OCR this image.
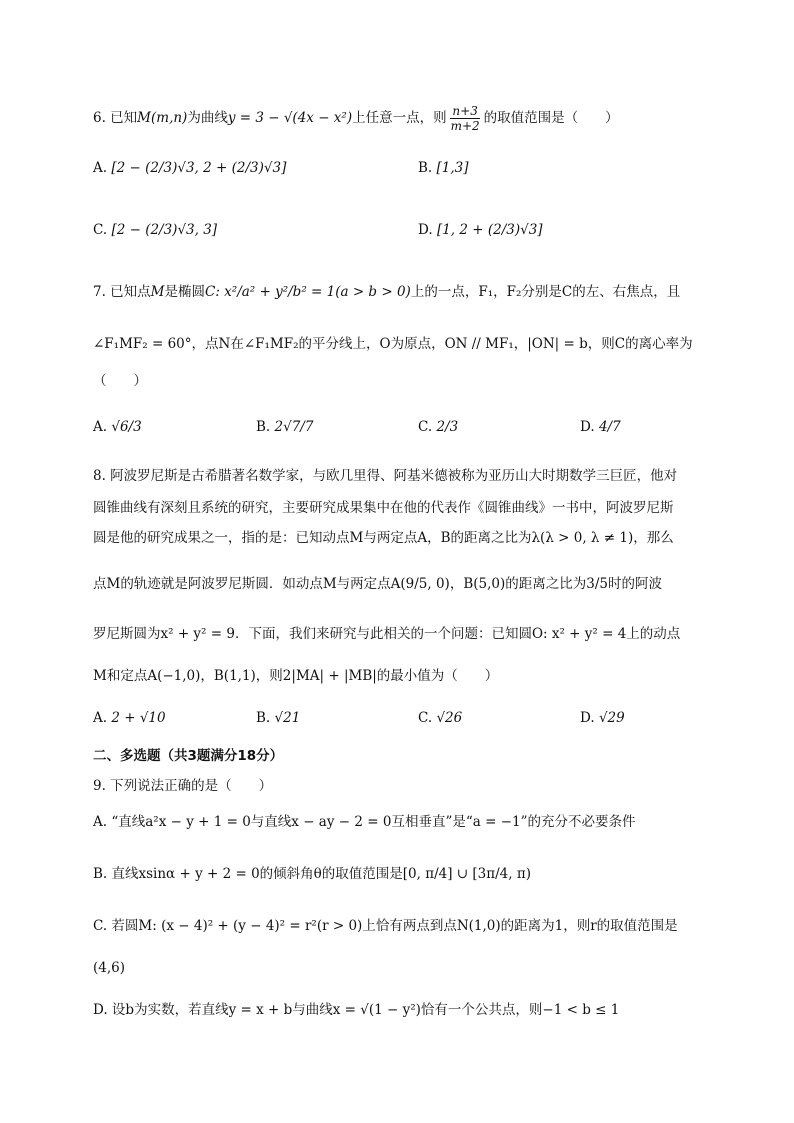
6. 已知M(m,n)为曲线y = 3 − √(4x − x²)上任意一点，则 $\frac{n+3}{m+2}$ 的取值范围是（　　）
A. [2 − (2/3)√3, 2 + (2/3)√3]	B. [1,3]
C. [2 − (2/3)√3, 3]	D. [1, 2 + (2/3)√3]
7. 已知点M是椭圆C: x²/a² + y²/b² = 1(a > b > 0)上的一点，F₁，F₂分别是C的左、右焦点，且
∠F₁MF₂ = 60°，点N在∠F₁MF₂的平分线上，O为原点，ON // MF₁，|ON| = b，则C的离心率为
（　　）
A. √6/3	B. 2√7/7	C. 2/3	D. 4/7
8. 阿波罗尼斯是古希腊著名数学家，与欧几里得、阿基米德被称为亚历山大时期数学三巨匠，他对
圆锥曲线有深刻且系统的研究，主要研究成果集中在他的代表作《圆锥曲线》一书中，阿波罗尼斯
圆是他的研究成果之一，指的是：已知动点M与两定点A，B的距离之比为λ(λ > 0, λ ≠ 1)，那么
点M的轨迹就是阿波罗尼斯圆．如动点M与两定点A(9/5, 0)，B(5,0)的距离之比为3/5时的阿波
罗尼斯圆为x² + y² = 9．下面，我们来研究与此相关的一个问题：已知圆O: x² + y² = 4上的动点
M和定点A(−1,0)，B(1,1)，则2|MA| + |MB|的最小值为（　　）
A. 2 + √10	B. √21	C. √26	D. √29
二、多选题（共3题满分18分）
9. 下列说法正确的是（　　）
A. “直线a²x − y + 1 = 0与直线x − ay − 2 = 0互相垂直”是“a = −1”的充分不必要条件
B. 直线xsinα + y + 2 = 0的倾斜角θ的取值范围是[0, π/4] ∪ [3π/4, π)
C. 若圆M: (x − 4)² + (y − 4)² = r²(r > 0)上恰有两点到点N(1,0)的距离为1，则r的取值范围是
(4,6)
D. 设b为实数，若直线y = x + b与曲线x = √(1 − y²)恰有一个公共点，则−1 < b ≤ 1
